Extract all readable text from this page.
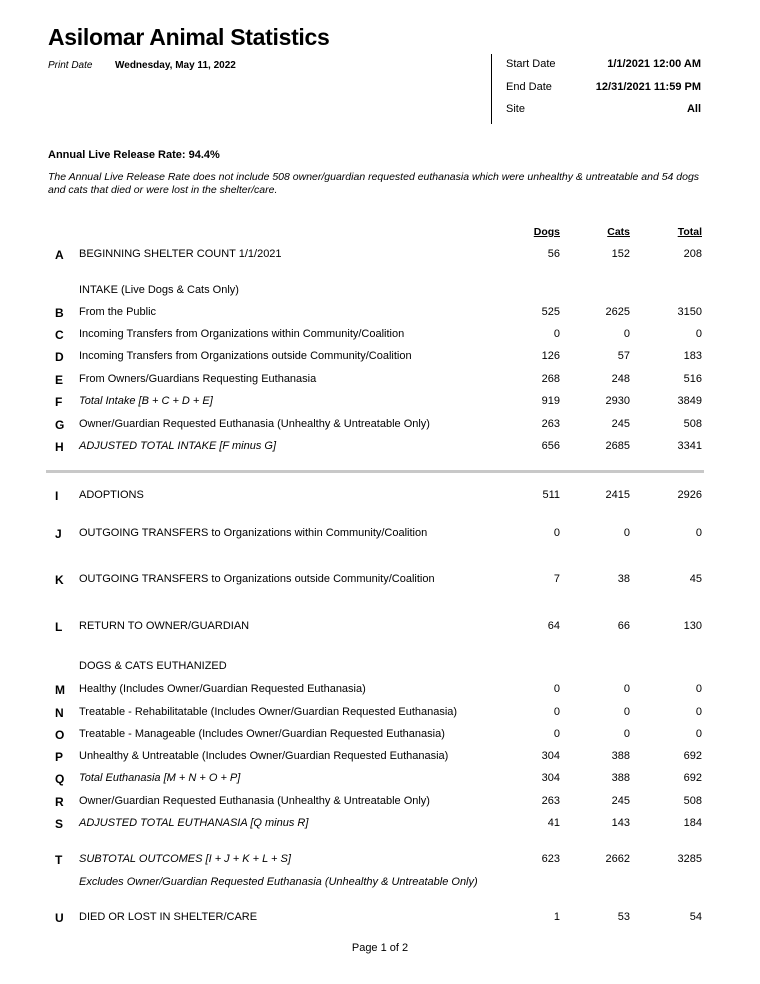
Asilomar Animal Statistics
Print Date Wednesday, May 11, 2022	Start Date	1/1/2021 12:00 AM
End Date	12/31/2021 11:59 PM
Site	All
Annual Live Release Rate: 94.4%
The Annual Live Release Rate does not include 508 owner/guardian requested euthanasia which were unhealthy & untreatable and 54 dogs and cats that died or were lost in the shelter/care.
Dogs	Cats	Total
A BEGINNING SHELTER COUNT 1/1/2021	56	152	208
INTAKE (Live Dogs & Cats Only)
B From the Public	525	2625	3150
C Incoming Transfers from Organizations within Community/Coalition	0	0	0
D Incoming Transfers from Organizations outside Community/Coalition	126	57	183
E From Owners/Guardians Requesting Euthanasia	268	248	516
F Total Intake [B + C + D + E]	919	2930	3849
G Owner/Guardian Requested Euthanasia (Unhealthy & Untreatable Only)	263	245	508
H ADJUSTED TOTAL INTAKE [F minus G]	656	2685	3341
I ADOPTIONS	511	2415	2926
J OUTGOING TRANSFERS to Organizations within Community/Coalition	0	0	0
K OUTGOING TRANSFERS to Organizations outside Community/Coalition	7	38	45
L RETURN TO OWNER/GUARDIAN	64	66	130
DOGS & CATS EUTHANIZED
M Healthy (Includes Owner/Guardian Requested Euthanasia)	0	0	0
N Treatable - Rehabilitatable (Includes Owner/Guardian Requested Euthanasia)	0	0	0
O Treatable - Manageable (Includes Owner/Guardian Requested Euthanasia)	0	0	0
P Unhealthy & Untreatable (Includes Owner/Guardian Requested Euthanasia)	304	388	692
Q Total Euthanasia [M + N + O + P]	304	388	692
R Owner/Guardian Requested Euthanasia (Unhealthy & Untreatable Only)	263	245	508
S ADJUSTED TOTAL EUTHANASIA [Q minus R]	41	143	184
T SUBTOTAL OUTCOMES [I + J + K + L + S]	623	2662	3285
Excludes Owner/Guardian Requested Euthanasia (Unhealthy & Untreatable Only)
U DIED OR LOST IN SHELTER/CARE	1	53	54
Page 1 of 2
